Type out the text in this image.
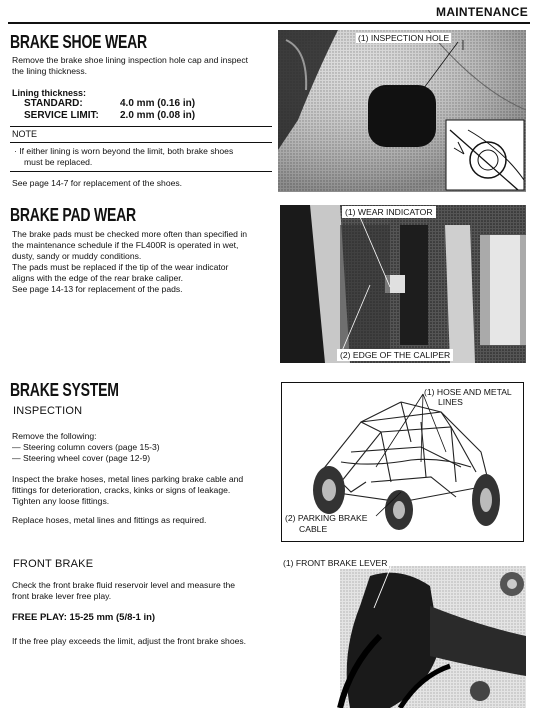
MAINTENANCE
BRAKE SHOE WEAR
Remove the brake shoe lining inspection hole cap and inspect
the lining thickness.
Lining thickness:
STANDARD:	4.0 mm (0.16 in)
SERVICE LIMIT: 2.0 mm (0.08 in)
NOTE
· If either lining is worn beyond the limit, both brake shoes
must be replaced.
See page 14-7 for replacement of the shoes.
(1) INSPECTION HOLE
BRAKE PAD WEAR
The brake pads must be checked more often than specified in
the maintenance schedule if the FL400R is operated in wet,
dusty, sandy or muddy conditions.
The pads must be replaced if the tip of the wear indicator
aligns with the edge of the rear brake caliper.
See page 14-13 for replacement of the pads.
(1) WEAR INDICATOR
(2) EDGE OF THE CALIPER
BRAKE SYSTEM
INSPECTION
Remove the following:
— Steering column covers (page 15-3)
— Steering wheel cover (page 12-9)
Inspect the brake hoses, metal lines parking brake cable and
fittings for deterioration, cracks, kinks or signs of leakage.
Tighten any loose fittings.
Replace hoses, metal lines and fittings as required.
(1) HOSE AND METAL
LINES
(2) PARKING BRAKE
CABLE
FRONT BRAKE
Check the front brake fluid reservoir level and measure the
front brake lever free play.
FREE PLAY: 15-25 mm (5/8-1 in)
If the free play exceeds the limit, adjust the front brake shoes.
(1) FRONT BRAKE LEVER
